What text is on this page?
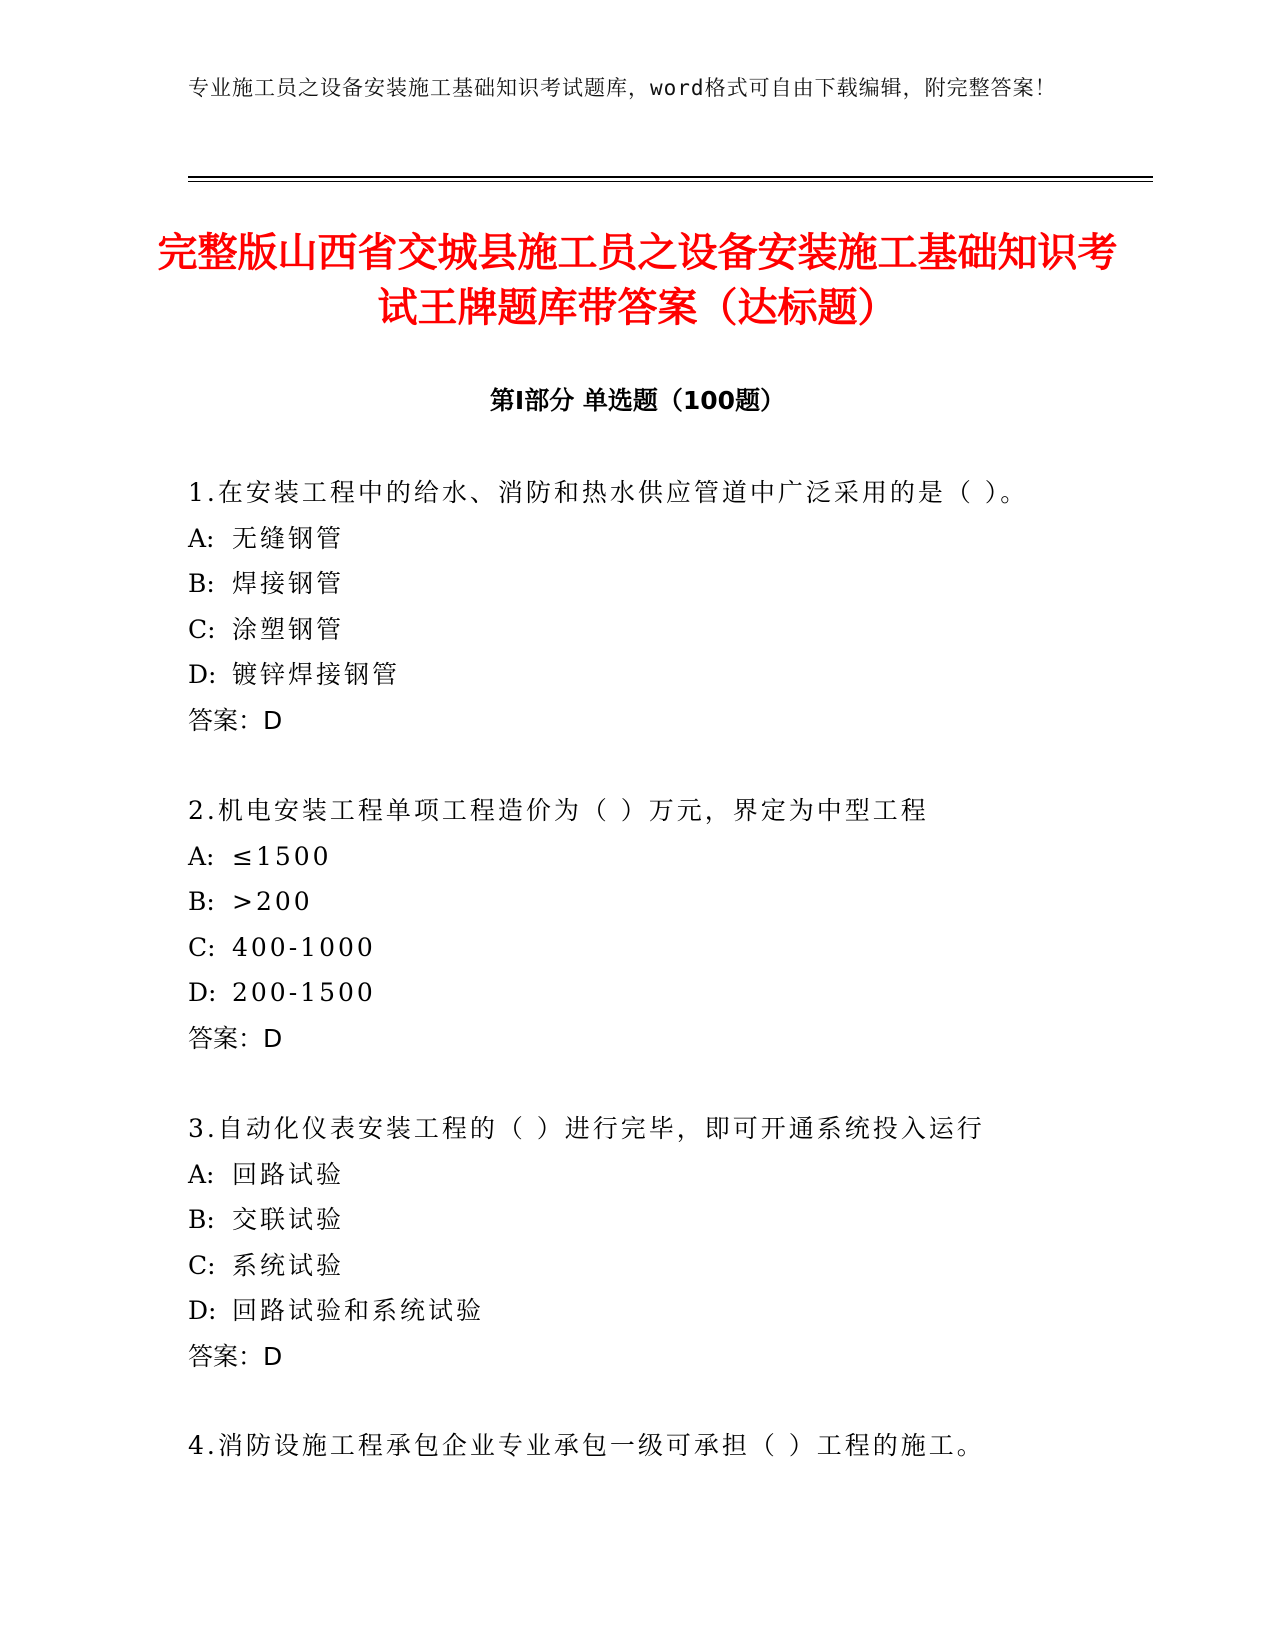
专业施工员之设备安装施工基础知识考试题库，word格式可自由下载编辑，附完整答案！
完整版山西省交城县施工员之设备安装施工基础知识考试王牌题库带答案（达标题）
第Ⅰ部分 单选题（100题）
1.在安装工程中的给水、消防和热水供应管道中广泛采用的是（ ）。
A: 无缝钢管
B: 焊接钢管
C: 涂塑钢管
D: 镀锌焊接钢管
答案：D
2.机电安装工程单项工程造价为（ ）万元，界定为中型工程
A: ≤1500
B: >200
C: 400-1000
D: 200-1500
答案：D
3.自动化仪表安装工程的（ ）进行完毕，即可开通系统投入运行
A: 回路试验
B: 交联试验
C: 系统试验
D: 回路试验和系统试验
答案：D
4.消防设施工程承包企业专业承包一级可承担（ ）工程的施工。
